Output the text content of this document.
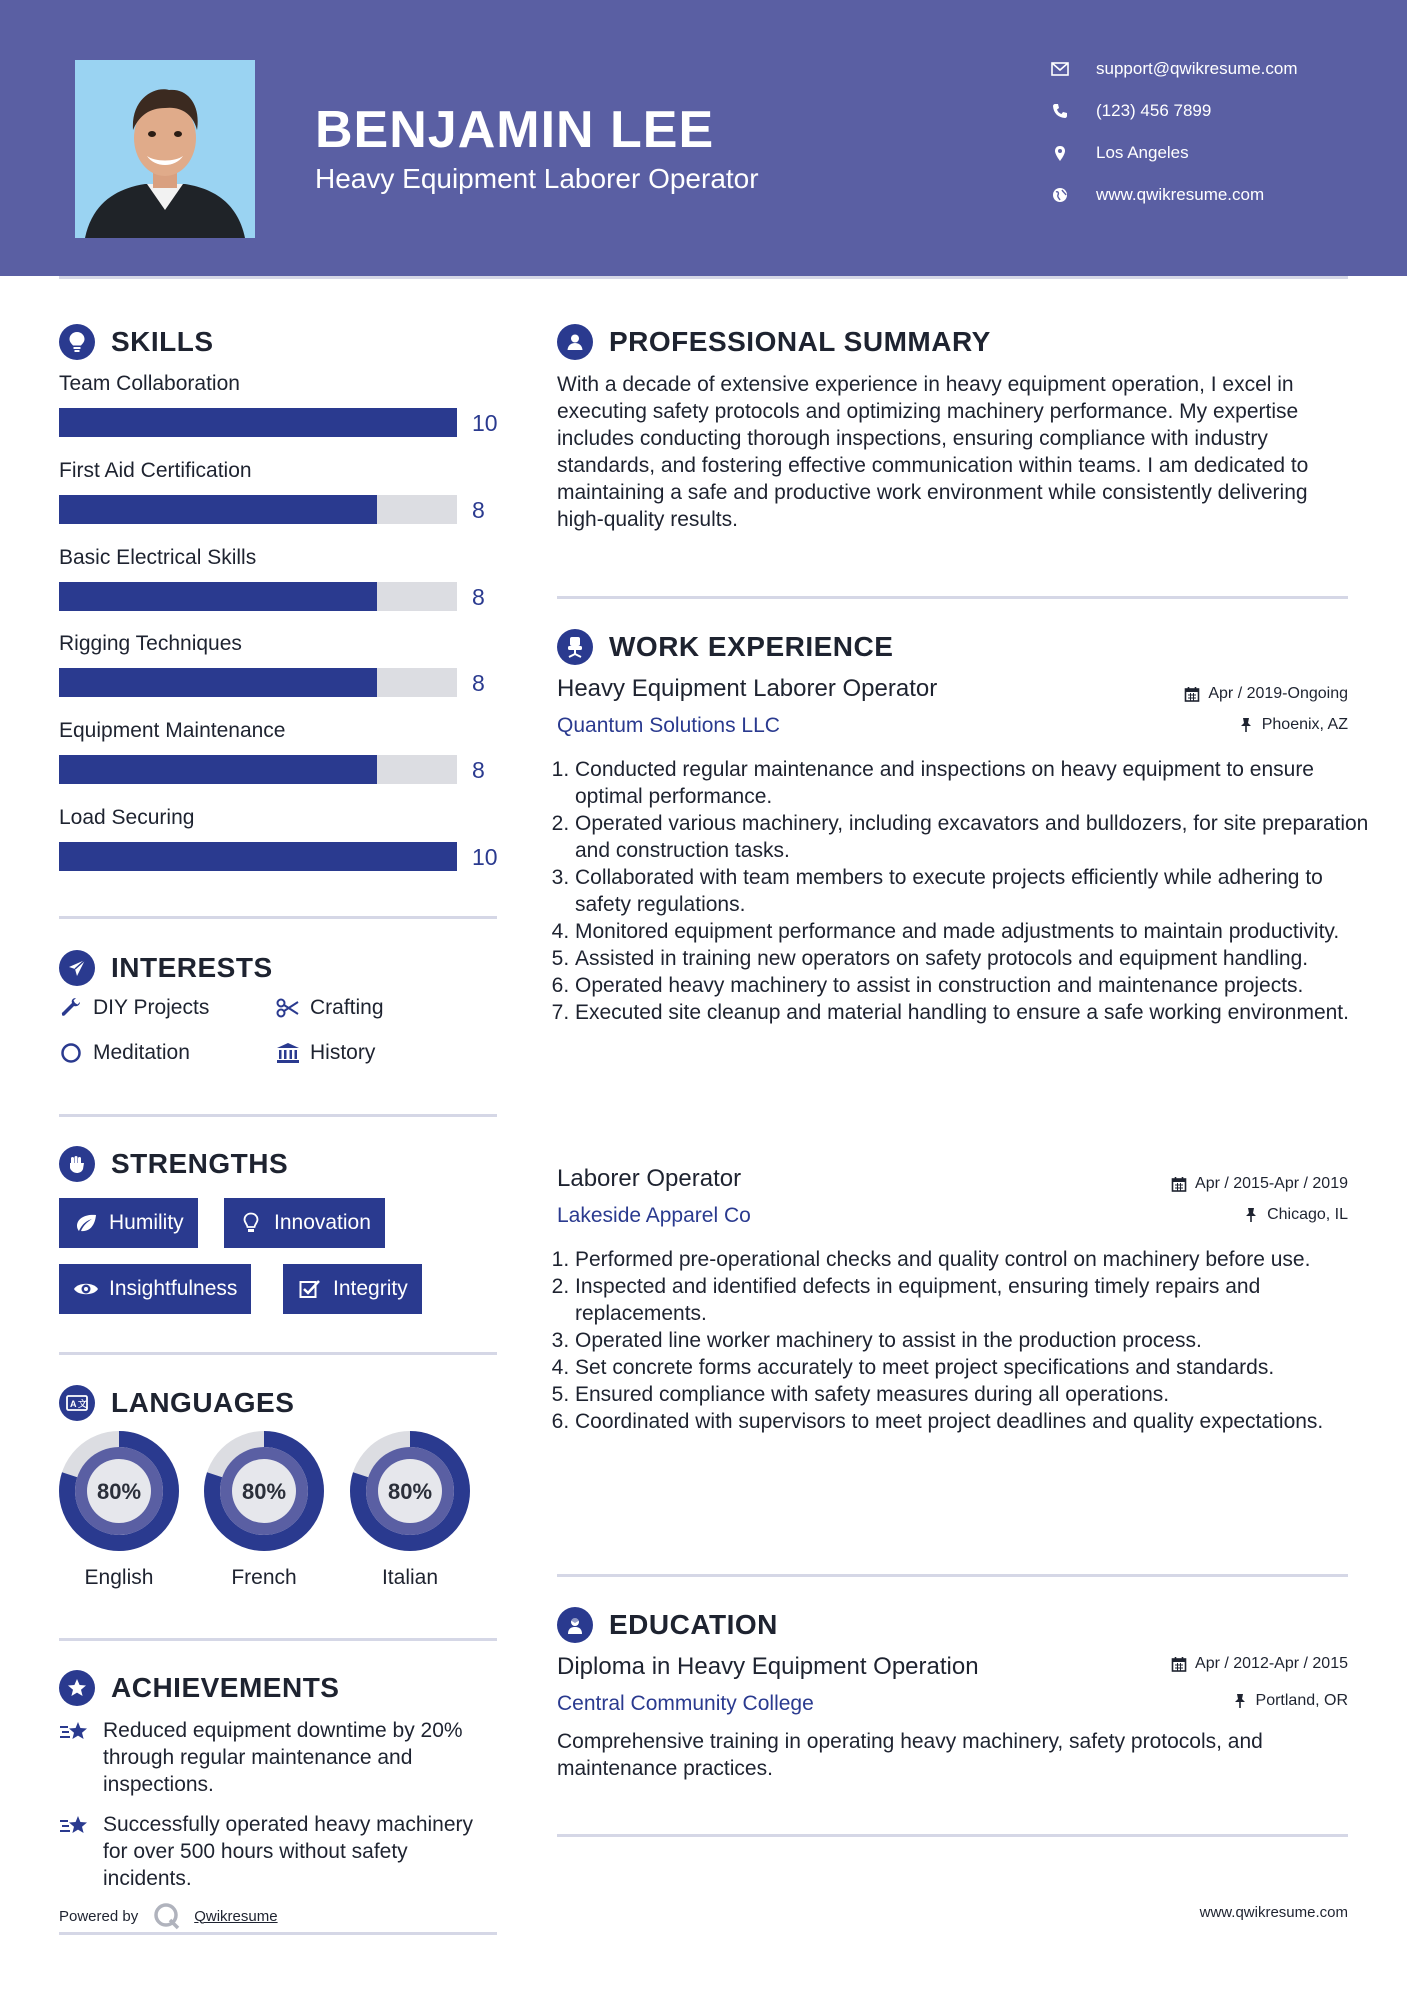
BENJAMIN LEE
Heavy Equipment Laborer Operator
support@qwikresume.com
(123) 456 7899
Los Angeles
www.qwikresume.com
SKILLS
Team Collaboration
10
First Aid Certification
8
Basic Electrical Skills
8
Rigging Techniques
8
Equipment Maintenance
8
Load Securing
10
INTERESTS
DIY Projects	Crafting
Meditation	History
STRENGTHS
Humility	Innovation
Insightfulness	Integrity
A 文 LANGUAGES
80%	80%	80%
English	French	Italian
ACHIEVEMENTS
Reduced equipment downtime by 20% through regular maintenance and inspections.
Successfully operated heavy machinery for over 500 hours without safety incidents.
Powered by	Qwikresume
PROFESSIONAL SUMMARY
With a decade of extensive experience in heavy equipment operation, I excel in executing safety protocols and optimizing machinery performance. My expertise includes conducting thorough inspections, ensuring compliance with industry standards, and fostering effective communication within teams. I am dedicated to maintaining a safe and productive work environment while consistently delivering high-quality results.
WORK EXPERIENCE
Heavy Equipment Laborer Operator	Apr / 2019-Ongoing
Quantum Solutions LLC	Phoenix, AZ
1. Conducted regular maintenance and inspections on heavy equipment to ensure optimal performance.
2. Operated various machinery, including excavators and bulldozers, for site preparation and construction tasks.
3. Collaborated with team members to execute projects efficiently while adhering to safety regulations.
4. Monitored equipment performance and made adjustments to maintain productivity.
5. Assisted in training new operators on safety protocols and equipment handling.
6. Operated heavy machinery to assist in construction and maintenance projects.
7. Executed site cleanup and material handling to ensure a safe working environment.
Laborer Operator	Apr / 2015-Apr / 2019
Lakeside Apparel Co	Chicago, IL
1. Performed pre-operational checks and quality control on machinery before use.
2. Inspected and identified defects in equipment, ensuring timely repairs and replacements.
3. Operated line worker machinery to assist in the production process.
4. Set concrete forms accurately to meet project specifications and standards.
5. Ensured compliance with safety measures during all operations.
6. Coordinated with supervisors to meet project deadlines and quality expectations.
EDUCATION
Diploma in Heavy Equipment Operation	Apr / 2012-Apr / 2015
Central Community College	Portland, OR
Comprehensive training in operating heavy machinery, safety protocols, and maintenance practices.
www.qwikresume.com
